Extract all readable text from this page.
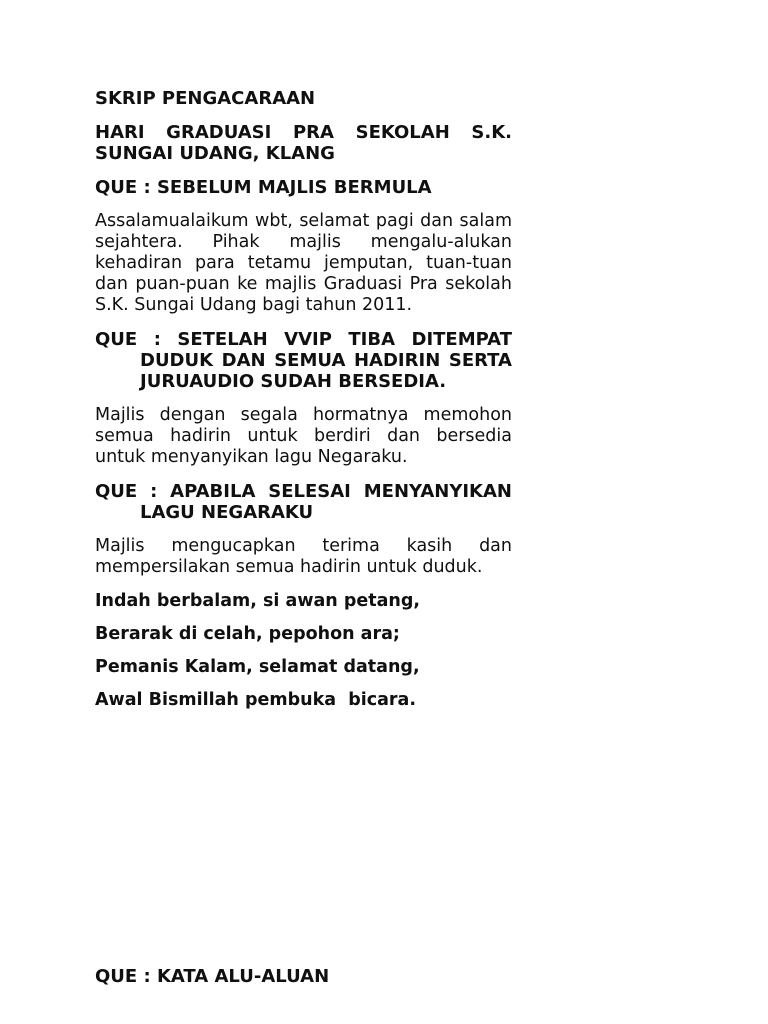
SKRIP PENGACARAAN

HARI GRADUASI PRA SEKOLAH S.K. SUNGAI UDANG, KLANG

QUE : SEBELUM MAJLIS BERMULA

Assalamualaikum wbt, selamat pagi dan salam sejahtera. Pihak majlis mengalu-alukan kehadiran para tetamu jemputan, tuan-tuan dan puan-puan ke majlis Graduasi Pra sekolah S.K. Sungai Udang bagi tahun 2011.

QUE : SETELAH VVIP TIBA DITEMPAT DUDUK DAN SEMUA HADIRIN SERTA JURUAUDIO SUDAH BERSEDIA.

Majlis dengan segala hormatnya memohon semua hadirin untuk berdiri dan bersedia untuk menyanyikan lagu Negaraku.

QUE : APABILA SELESAI MENYANYIKAN LAGU NEGARAKU

Majlis mengucapkan terima kasih dan mempersilakan semua hadirin untuk duduk.

Indah berbalam, si awan petang,

Berarak di celah, pepohon ara;

Pemanis Kalam, selamat datang,

Awal Bismillah pembuka  bicara.

QUE : KATA ALU-ALUAN
